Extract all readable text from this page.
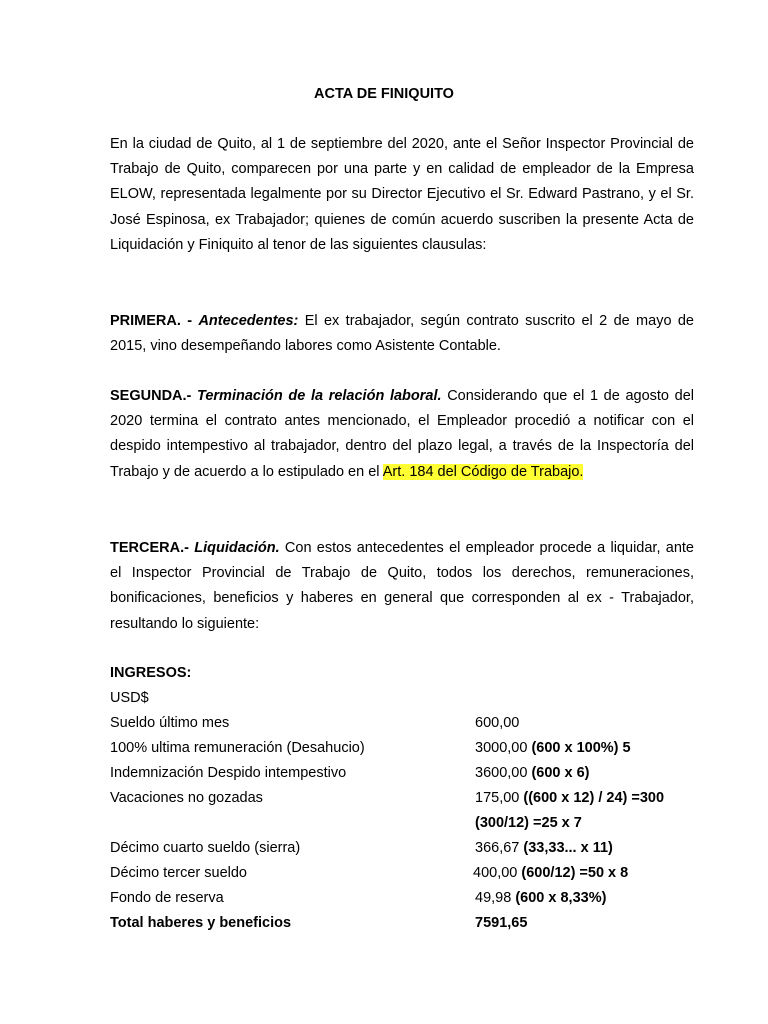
ACTA DE FINIQUITO

En la ciudad de Quito, al 1 de septiembre del 2020, ante el Señor Inspector Provincial de Trabajo de Quito, comparecen por una parte y en calidad de empleador de la Empresa ELOW, representada legalmente por su Director Ejecutivo el Sr. Edward Pastrano, y el Sr. José Espinosa, ex Trabajador; quienes de común acuerdo suscriben la presente Acta de Liquidación y Finiquito al tenor de las siguientes clausulas:

PRIMERA. - Antecedentes: El ex trabajador, según contrato suscrito el 2 de mayo de 2015, vino desempeñando labores como Asistente Contable.

SEGUNDA.- Terminación de la relación laboral. Considerando que el 1 de agosto del 2020 termina el contrato antes mencionado, el Empleador procedió a notificar con el despido intempestivo al trabajador, dentro del plazo legal, a través de la Inspectoría del Trabajo y de acuerdo a lo estipulado en el Art. 184 del Código de Trabajo.

TERCERA.- Liquidación. Con estos antecedentes el empleador procede a liquidar, ante el Inspector Provincial de Trabajo de Quito, todos los derechos, remuneraciones, bonificaciones, beneficios y haberes en general que corresponden al ex - Trabajador, resultando lo siguiente:

INGRESOS:
USD$
Sueldo último mes	600,00
100% ultima remuneración (Desahucio)	3000,00 (600 x 100%) 5
Indemnización Despido intempestivo	3600,00 (600 x 6)
Vacaciones no gozadas	175,00 ((600 x 12) / 24) =300
(300/12) =25 x 7
Décimo cuarto sueldo (sierra)	366,67 (33,33... x 11)
Décimo tercer sueldo	400,00 (600/12) =50 x 8
Fondo de reserva	49,98 (600 x 8,33%)
Total haberes y beneficios	7591,65
